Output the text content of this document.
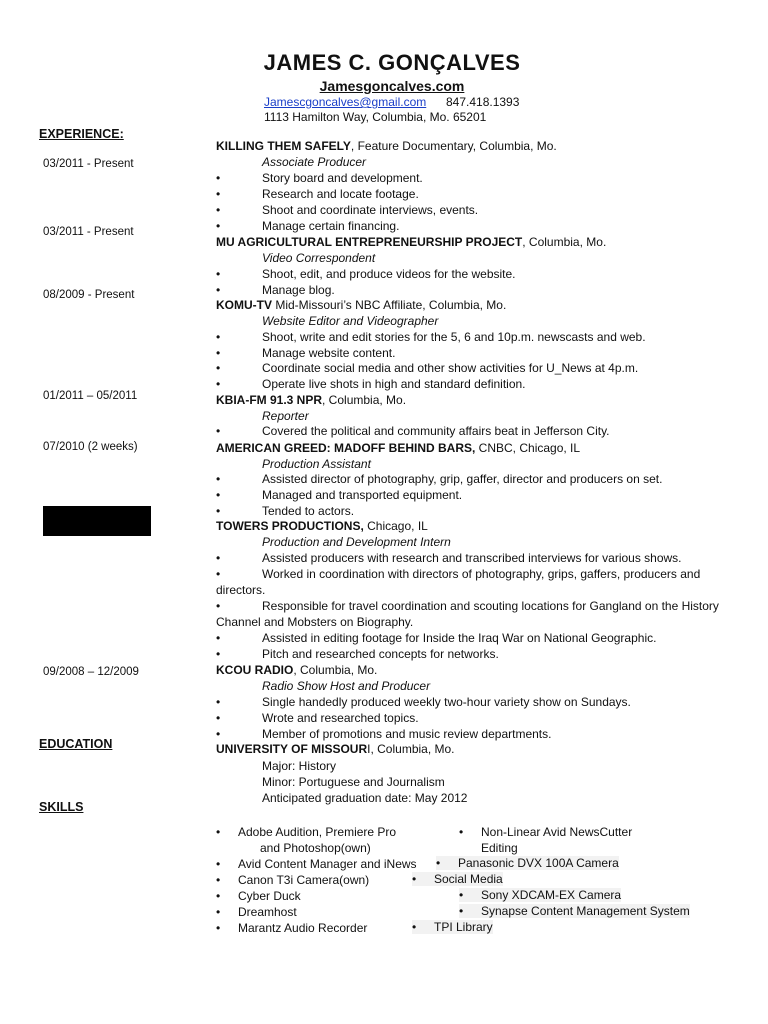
JAMES C. GONÇALVES
Jamesgoncalves.com
Jamescgoncalves@gmail.com 847.418.1393
1113 Hamilton Way, Columbia, Mo. 65201
EXPERIENCE:
EDUCATION
SKILLS
03/2011 - Present
KILLING THEM SAFELY, Feature Documentary, Columbia, Mo.
Associate Producer
•	Story board and development.
•	Research and locate footage.
•	Shoot and coordinate interviews, events.
•	Manage certain financing.
03/2011 - Present
MU AGRICULTURAL ENTREPRENEURSHIP PROJECT, Columbia, Mo.
Video Correspondent
•	Shoot, edit, and produce videos for the website.
•	Manage blog.
08/2009 - Present
KOMU-TV Mid-Missouri’s NBC Affiliate, Columbia, Mo.
Website Editor and Videographer
•	Shoot, write and edit stories for the 5, 6 and 10p.m. newscasts and web.
•	Manage website content.
•	Coordinate social media and other show activities for U_News at 4p.m.
•	Operate live shots in high and standard definition.
01/2011 – 05/2011	KBIA-FM 91.3 NPR, Columbia, Mo.
Reporter
•	Covered the political and community affairs beat in Jefferson City.
07/2010 (2 weeks)	AMERICAN GREED: MADOFF BEHIND BARS, CNBC, Chicago, IL
Production Assistant
•	Assisted director of photography, grip, gaffer, director and producers on set.
•	Managed and transported equipment.
•	Tended to actors.
TOWERS PRODUCTIONS, Chicago, IL
Production and Development Intern
•	Assisted producers with research and transcribed interviews for various shows.
•	Worked in coordination with directors of photography, grips, gaffers, producers and directors.
•	Responsible for travel coordination and scouting locations for Gangland on the History Channel and Mobsters on Biography.
•	Assisted in editing footage for Inside the Iraq War on National Geographic.
•	Pitch and researched concepts for networks.
09/2008 – 12/2009	KCOU RADIO, Columbia, Mo.
Radio Show Host and Producer
•	Single handedly produced weekly two-hour variety show on Sundays.
•	Wrote and researched topics.
•	Member of promotions and music review departments.
UNIVERSITY OF MISSOURI, Columbia, Mo.
Major: History
Minor: Portuguese and Journalism
Anticipated graduation date: May 2012
• Adobe Audition, Premiere Pro
and Photoshop(own)
• Avid Content Manager and iNews
• Canon T3i Camera(own)
• Cyber Duck
• Dreamhost
• Marantz Audio Recorder
• Non-Linear Avid NewsCutter
Editing
• Panasonic DVX 100A Camera
• Social Media
• Sony XDCAM-EX Camera
• Synapse Content Management System
• TPI Library
